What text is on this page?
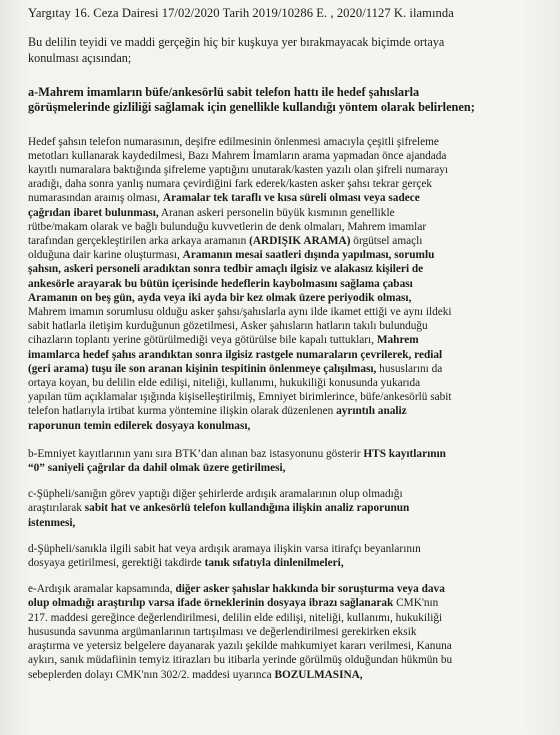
Yargıtay 16. Ceza Dairesi 17/02/2020 Tarih 2019/10286 E. , 2020/1127 K. ilamında

Bu delilin teyidi ve maddi gerçeğin hiç bir kuşkuya yer bırakmayacak biçimde ortaya
konulması açısından;

a-Mahrem imamların büfe/ankesörlü sabit telefon hattı ile hedef şahıslarla
görüşmelerinde gizliliği sağlamak için genellikle kullandığı yöntem olarak belirlenen;

Hedef şahsın telefon numarasının, deşifre edilmesinin önlenmesi amacıyla çeşitli şifreleme
metotları kullanarak kaydedilmesi, Bazı Mahrem İmamların arama yapmadan önce ajandada
kayıtlı numaralara baktığında şifreleme yaptığını unutarak/kasten yazılı olan şifreli numarayı
aradığı, daha sonra yanlış numara çevirdiğini fark ederek/kasten asker şahsı tekrar gerçek
numarasından araınış olması, Aramalar tek taraflı ve kısa süreli olması veya sadece
çağrıdan ibaret bulunması, Aranan askeri personelin büyük kısmının genellikle
rütbe/makam olarak ve bağlı bulunduğu kuvvetlerin de denk olmaları, Mahrem imamlar
tarafından gerçekleştirilen arka arkaya aramanın (ARDIŞIK ARAMA) örgütsel amaçlı
olduğuna dair karine oluşturması, Aramanın mesai saatleri dışında yapılması, sorumlu
şahsın, askeri personeli aradıktan sonra tedbir amaçlı ilgisiz ve alakasız kişileri de
ankesörle arayarak bu bütün içerisinde hedeflerin kaybolmasını sağlama çabası
Aramanın on beş gün, ayda veya iki ayda bir kez olmak üzere periyodik olması,
Mahrem imamın sorumlusu olduğu asker şahsı/şahıslarla aynı ilde ikamet ettiği ve aynı ildeki
sabit hatlarla iletişim kurduğunun gözetilmesi, Asker şahısların hatların takılı bulunduğu
cihazların toplantı yerine götürülmediği veya götürülse bile kapalı tuttukları, Mahrem
imamlarca hedef şahıs arandıktan sonra ilgisiz rastgele numaraların çevrilerek, redial
(geri arama) tuşu ile son aranan kişinin tespitinin önlenmeye çalışılması, hususlarını da
ortaya koyan, bu delilin elde edilişi, niteliği, kullanımı, hukukiliği konusunda yukarıda
yapılan tüm açıklamalar ışığında kişiselleştirilmiş, Emniyet birimlerince, büfe/ankesörlü sabit
telefon hatlarıyla irtibat kurma yönteminе ilişkin olarak düzenlenen ayrıntılı analiz
raporunun temin edilerek dosyaya konulması,

b-Emniyet kayıtlarının yanı sıra BTK’dan alınan baz istasyonunu gösterir HTS kayıtlarının
“0” saniyeli çağrılar da dahil olmak üzere getirilmesi,

c-Şüpheli/sanığın görev yaptığı diğer şehirlerde ardışık aramalarının olup olmadığı
araştırılarak sabit hat ve ankesörlü telefon kullandığına ilişkin analiz raporunun
istenmesi,

d-Şüpheli/sanıkla ilgili sabit hat veya ardışık aramaya ilişkin varsa itirafçı beyanlarının
dosyaya getirilmesi, gerektiği takdirde tanık sıfatıyla dinlenilmeleri,

e-Ardışık aramalar kapsamında, diğer asker şahıslar hakkında bir soruşturma veya dava
olup olmadığı araştırılıp varsa ifade örneklerinin dosyaya ibrazı sağlanarak CMK'nın
217. maddesi gereğince değerlendirilmesi, delilin elde edilişi, niteliği, kullanımı, hukukiliği
hususunda savunma argümanlarının tartışılması ve değerlendirilmesi gerekirken eksik
araştırma ve yetersiz belgelere dayanarak yazılı şekilde mahkumiyet kararı verilmesi, Kanuna
aykırı, sanık müdafiinin temyiz itirazları bu itibarla yerinde görülmüş olduğundan hükmün bu
sebeplerden dolayı CMK'nın 302/2. maddesi uyarınca BOZULMASINA,
